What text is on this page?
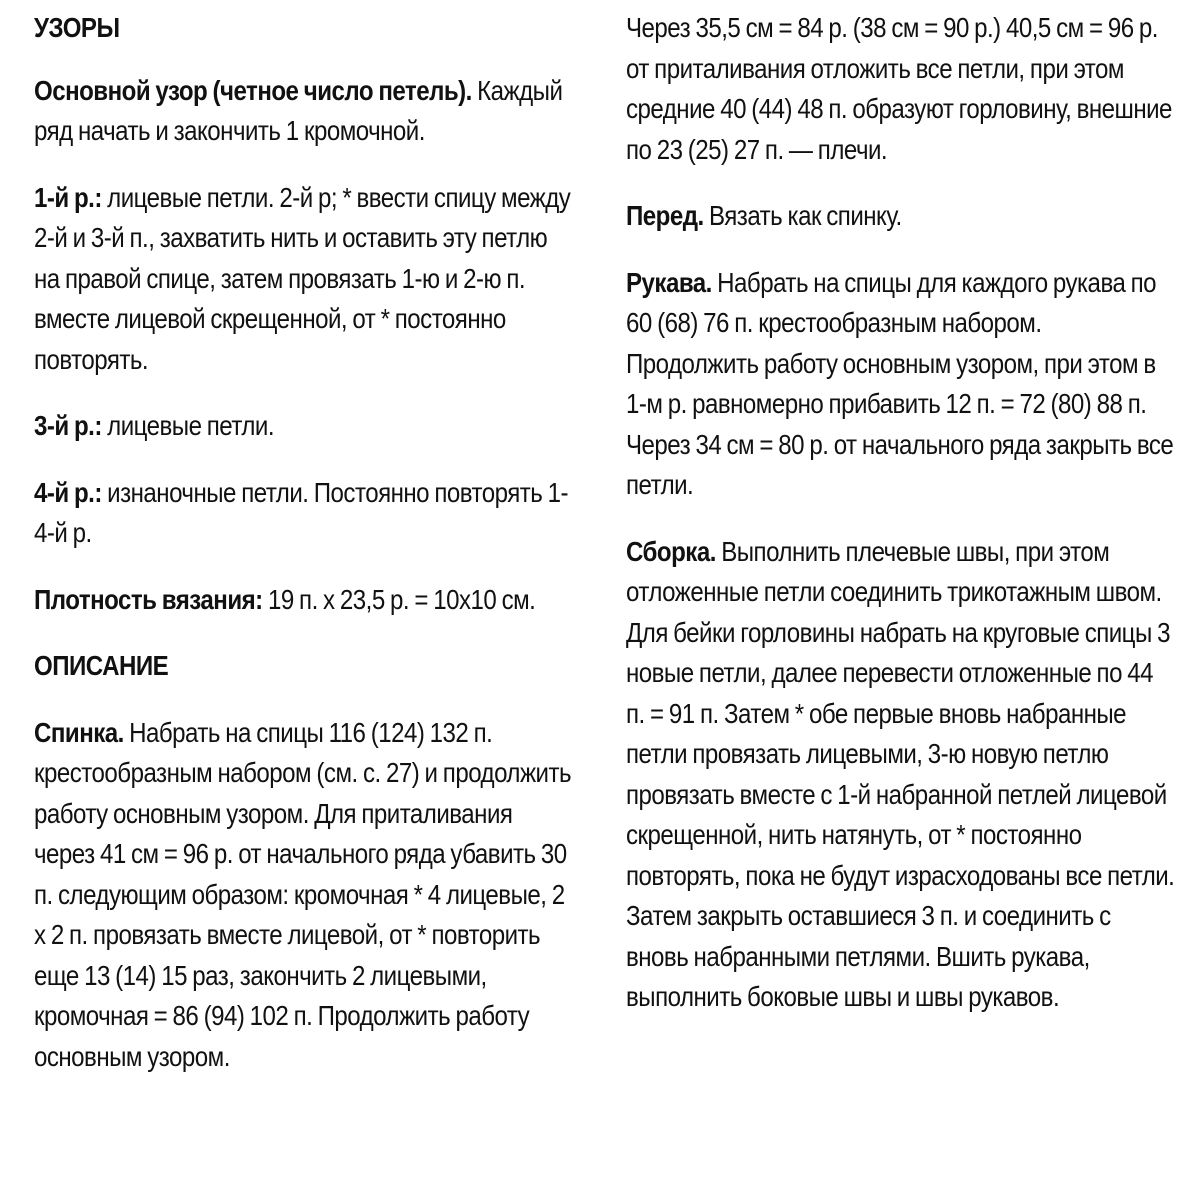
УЗОРЫ

Основной узор (четное число петель). Каждый ряд начать и закончить 1 кромочной.

1-й р.: лицевые петли. 2-й р; * ввести спицу между 2-й и 3-й п., захватить нить и оставить эту петлю на правой спице, затем провязать 1-ю и 2-ю п. вместе лицевой скрещенной, от * постоянно повторять.

3-й р.: лицевые петли.

4-й р.: изнаночные петли. Постоянно повторять 1-4-й р.

Плотность вязания: 19 п. х 23,5 р. = 10х10 см.

ОПИСАНИЕ

Спинка. Набрать на спицы 116 (124) 132 п. крестообразным набором (см. с. 27) и продолжить работу основным узором. Для приталивания через 41 см = 96 р. от начального ряда убавить 30 п. следующим образом: кромочная * 4 лицевые, 2 х 2 п. провязать вместе лицевой, от * повторить еще 13 (14) 15 раз, закончить 2 лицевыми, кромочная = 86 (94) 102 п. Продолжить работу основным узором.

Через 35,5 см = 84 р. (38 см = 90 р.) 40,5 см = 96 р. от приталивания отложить все петли, при этом средние 40 (44) 48 п. образуют горловину, внешние по 23 (25) 27 п. — плечи.

Перед. Вязать как спинку.

Рукава. Набрать на спицы для каждого рукава по 60 (68) 76 п. крестообразным набором. Продолжить работу основным узором, при этом в 1-м р. равномерно прибавить 12 п. = 72 (80) 88 п. Через 34 см = 80 р. от начального ряда закрыть все петли.

Сборка. Выполнить плечевые швы, при этом отложенные петли соединить трикотажным швом. Для бейки горловины набрать на круговые спицы 3 новые петли, далее перевести отложенные по 44 п. = 91 п. Затем * обе первые вновь набранные петли провязать лицевыми, 3-ю новую петлю провязать вместе с 1-й набранной петлей лицевой скрещенной, нить натянуть, от * постоянно повторять, пока не будут израсходованы все петли. Затем закрыть оставшиеся 3 п. и соединить с вновь набранными петлями. Вшить рукава, выполнить боковые швы и швы рукавов.
